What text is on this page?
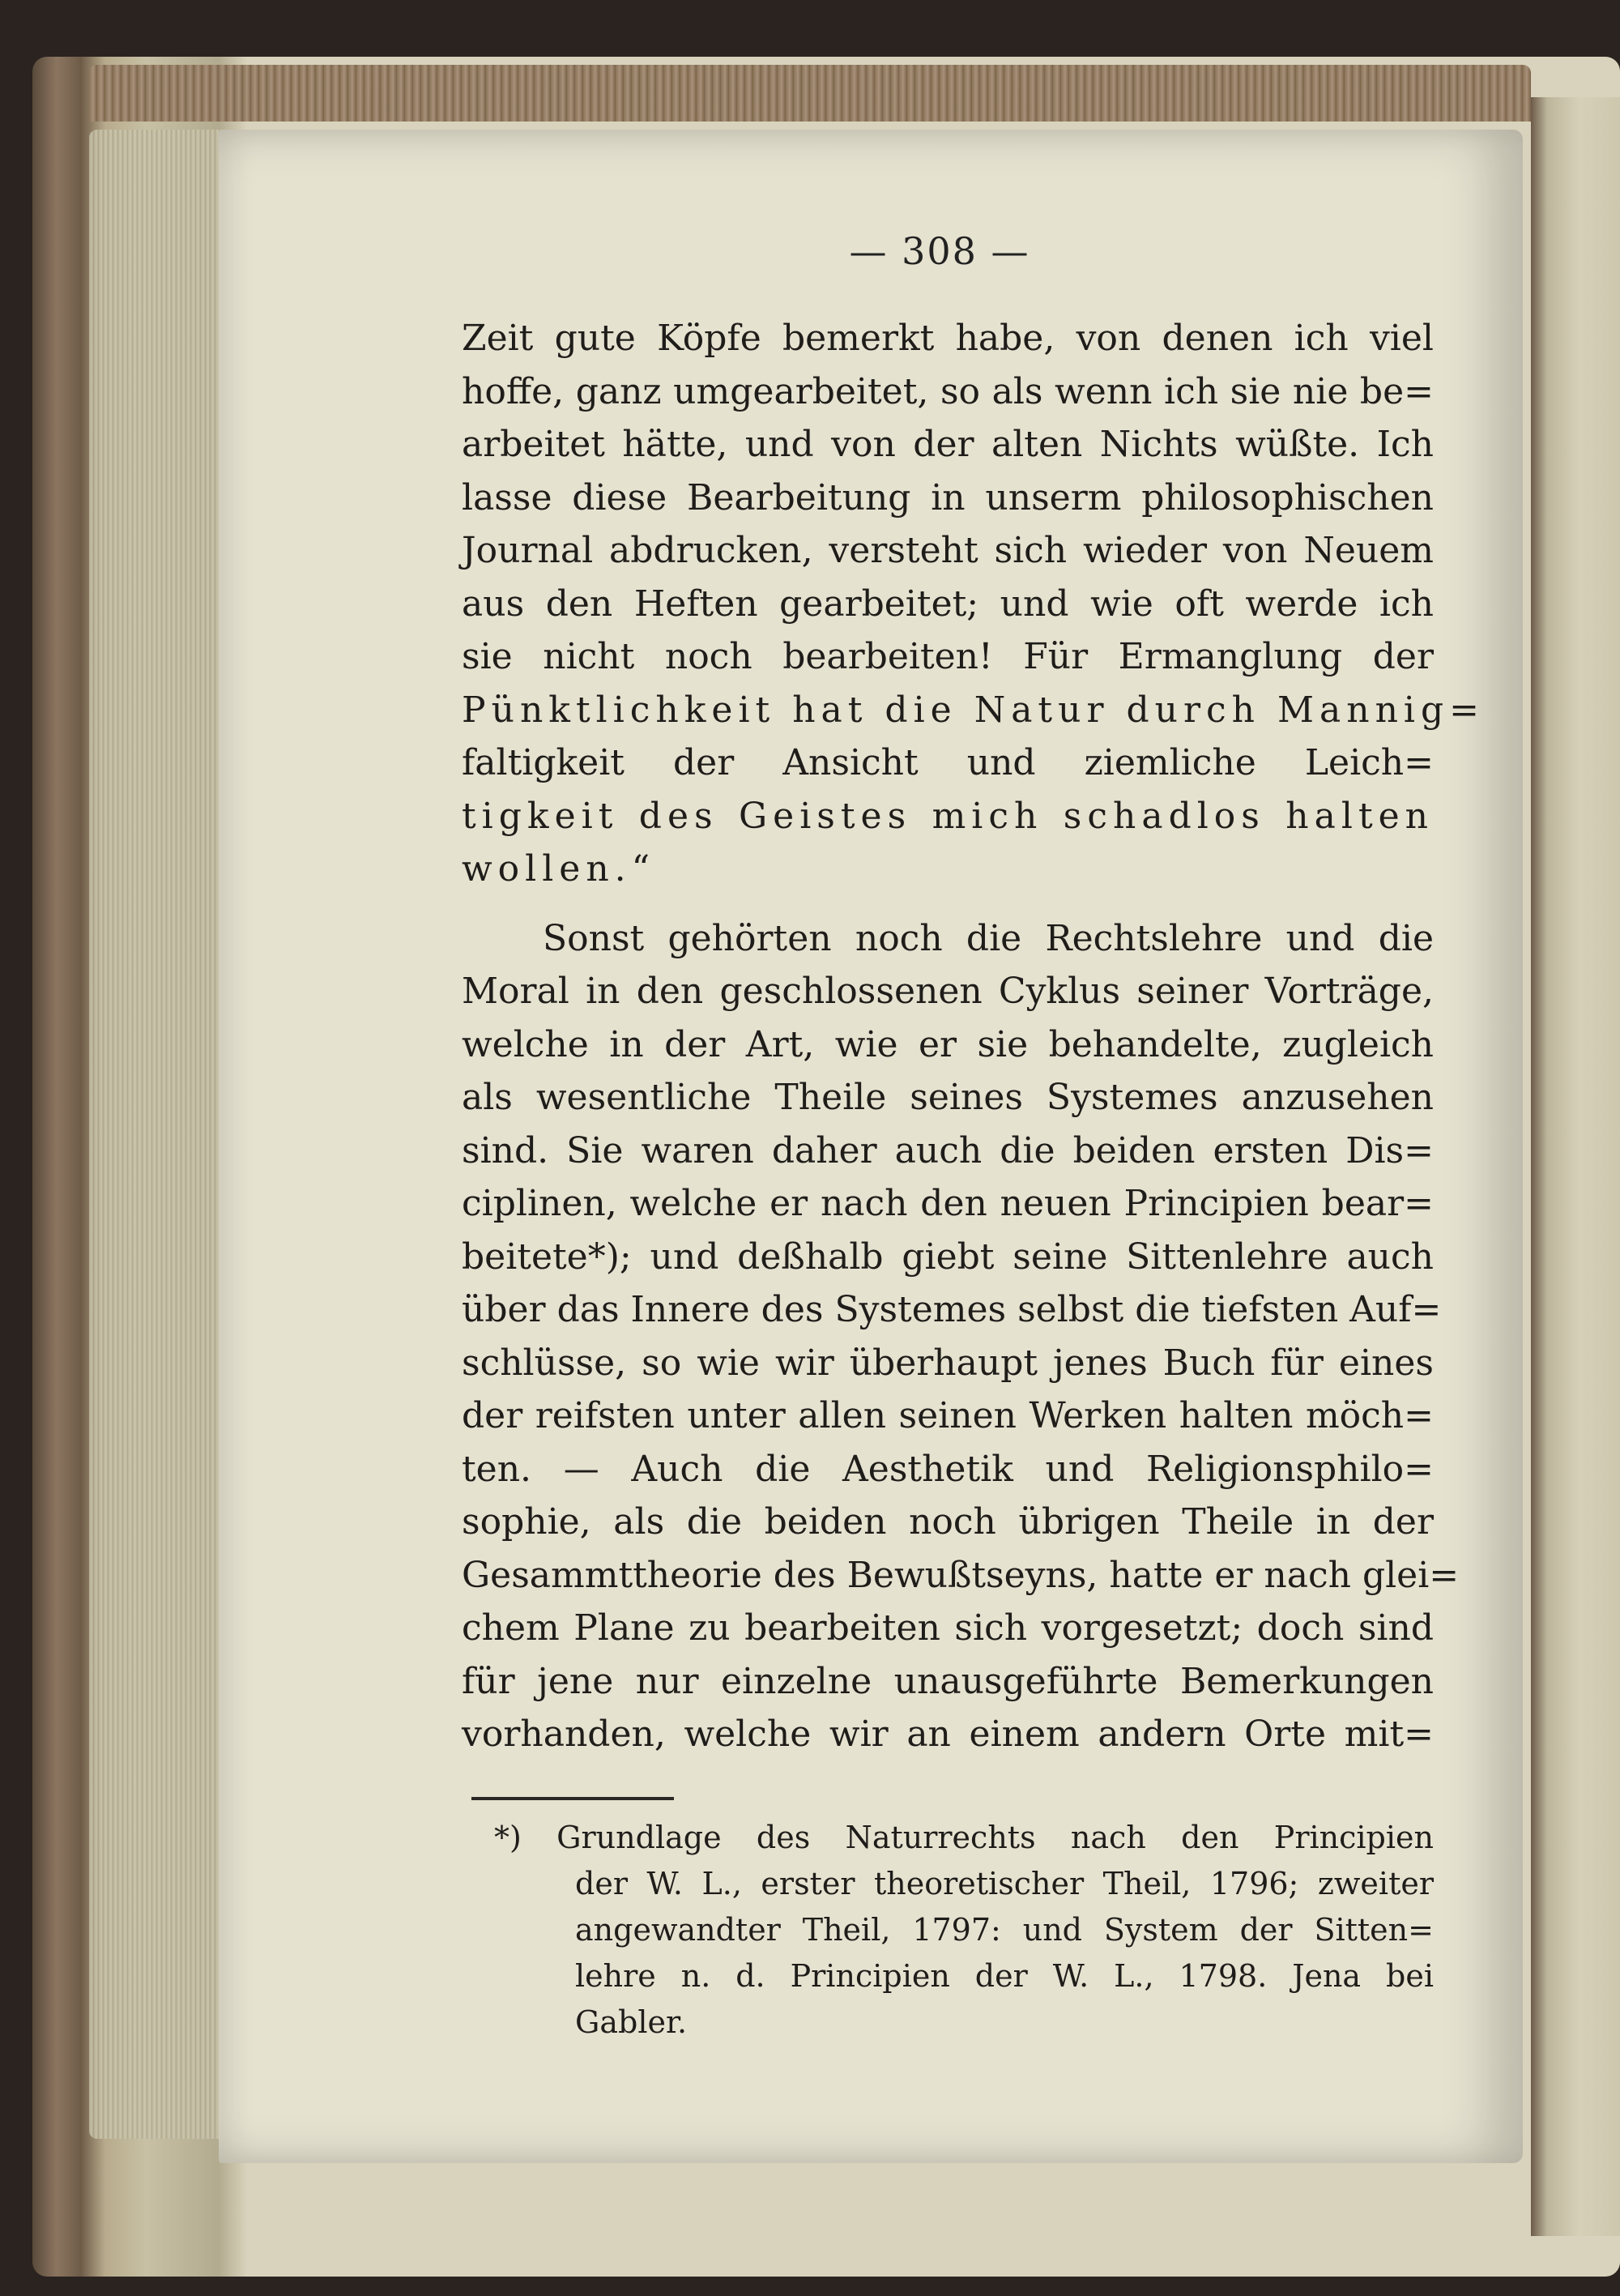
— 308 —
Zeit gute Köpfe bemerkt habe, von denen ich viel
hoffe, ganz umgearbeitet, so als wenn ich sie nie be=
arbeitet hätte, und von der alten Nichts wüßte. Ich
lasse diese Bearbeitung in unserm philosophischen
Journal abdrucken, versteht sich wieder von Neuem
aus den Heften gearbeitet; und wie oft werde ich
sie nicht noch bearbeiten! Für Ermanglung der
Pünktlichkeit hat die Natur durch Mannig=
faltigkeit der Ansicht und ziemliche Leich=
tigkeit des Geistes mich schadlos halten
wollen.“
Sonst gehörten noch die Rechtslehre und die
Moral in den geschlossenen Cyklus seiner Vorträge,
welche in der Art, wie er sie behandelte, zugleich
als wesentliche Theile seines Systemes anzusehen
sind. Sie waren daher auch die beiden ersten Dis=
ciplinen, welche er nach den neuen Principien bear=
beitete*); und deßhalb giebt seine Sittenlehre auch
über das Innere des Systemes selbst die tiefsten Auf=
schlüsse, so wie wir überhaupt jenes Buch für eines
der reifsten unter allen seinen Werken halten möch=
ten. — Auch die Aesthetik und Religionsphilo=
sophie, als die beiden noch übrigen Theile in der
Gesammttheorie des Bewußtseyns, hatte er nach glei=
chem Plane zu bearbeiten sich vorgesetzt; doch sind
für jene nur einzelne unausgeführte Bemerkungen
vorhanden, welche wir an einem andern Orte mit=
*) Grundlage des Naturrechts nach den Principien
der W. L., erster theoretischer Theil, 1796; zweiter
angewandter Theil, 1797: und System der Sitten=
lehre n. d. Principien der W. L., 1798. Jena bei
Gabler.
